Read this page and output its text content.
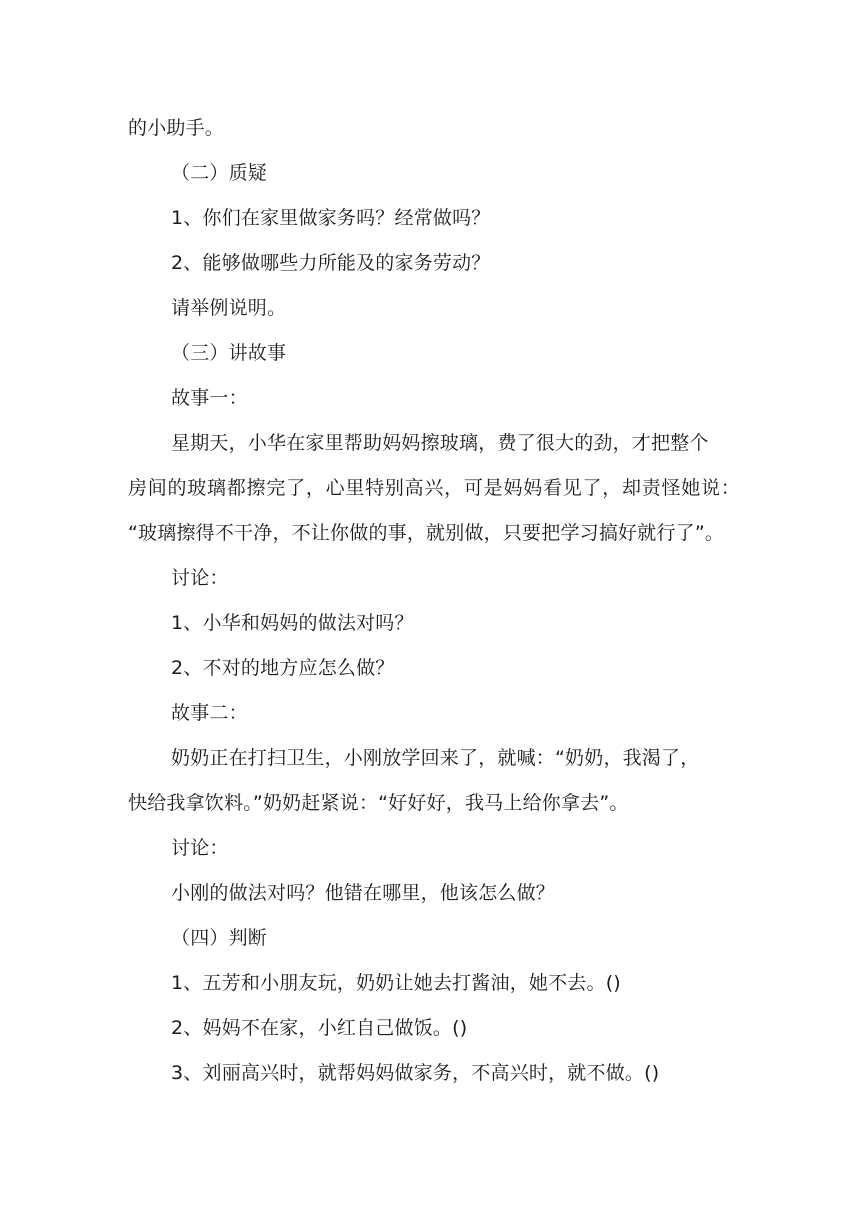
的小助手。
（二）质疑
1、你们在家里做家务吗？经常做吗？
2、能够做哪些力所能及的家务劳动？
请举例说明。
（三）讲故事
故事一：
星期天，小华在家里帮助妈妈擦玻璃，费了很大的劲，才把整个
房间的玻璃都擦完了，心里特别高兴，可是妈妈看见了，却责怪她说：
“玻璃擦得不干净，不让你做的事，就别做，只要把学习搞好就行了”。
讨论：
1、小华和妈妈的做法对吗？
2、不对的地方应怎么做？
故事二：
奶奶正在打扫卫生，小刚放学回来了，就喊：“奶奶，我渴了，
快给我拿饮料。”奶奶赶紧说：“好好好，我马上给你拿去”。
讨论：
小刚的做法对吗？他错在哪里，他该怎么做？
（四）判断
1、五芳和小朋友玩，奶奶让她去打酱油，她不去。()
2、妈妈不在家，小红自己做饭。()
3、刘丽高兴时，就帮妈妈做家务，不高兴时，就不做。()
